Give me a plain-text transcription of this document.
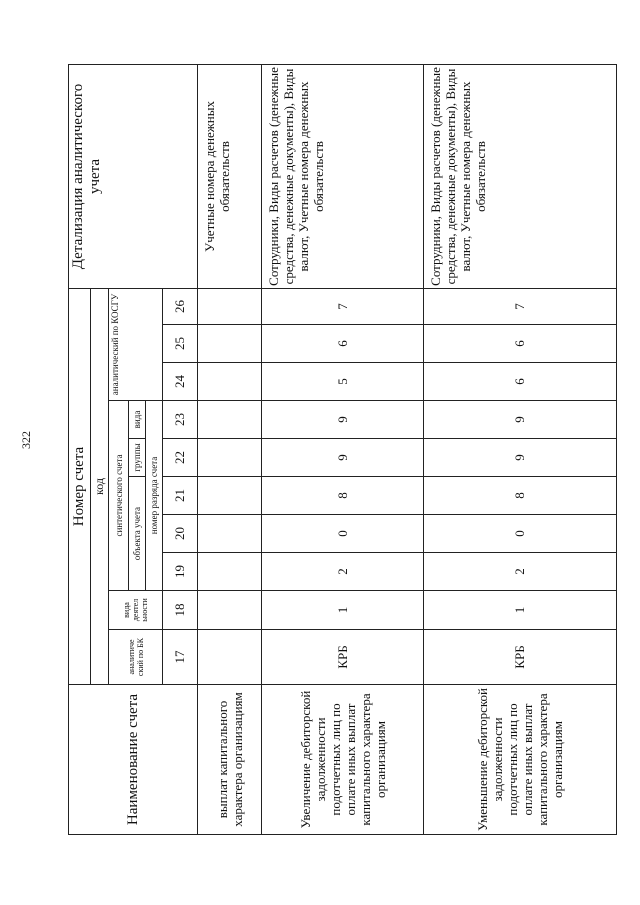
322
Наименование счета	Номер счета										Детализация аналитического учета
	код										
	аналитиче ский по БК	вида деятел ьности	синтетического счета					аналитический по КОСГУ			
			объекта учета			группы	вида				
			номер разряда счета								
	17	18	19	20	21	22	23	24	25	26	
выплат капитального характера организациям											Учетные номера денежных обязательств
Увеличение дебиторской задолженности подотчетных лиц по оплате иных выплат капитального характера организациям	КРБ	1	2	0	8	9	9	5	6	7	Сотрудники, Виды расчетов (денежные средства, денежные документы), Виды валют, Учетные номера денежных обязательств
Уменьшение дебиторской задолженности подотчетных лиц по оплате иных выплат капитального характера организациям	КРБ	1	2	0	8	9	9	6	6	7	Сотрудники, Виды расчетов (денежные средства, денежные документы), Виды валют, Учетные номера денежных обязательств
